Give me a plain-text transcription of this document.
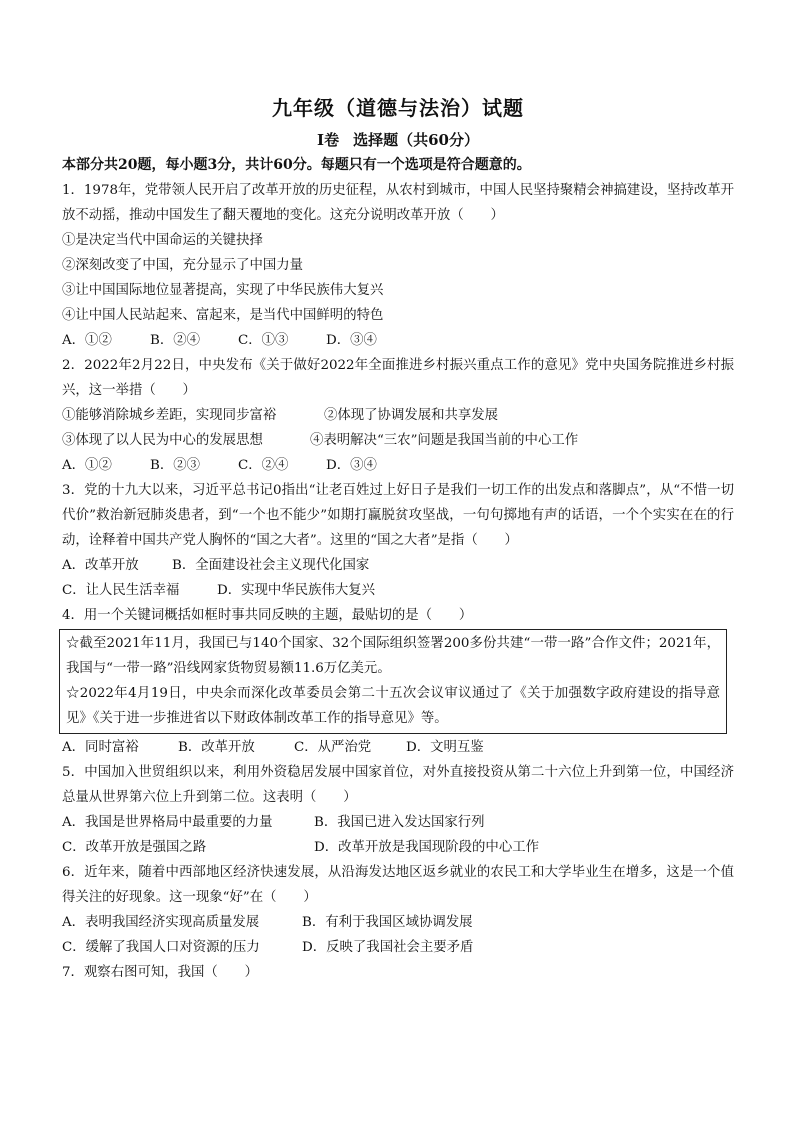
九年级（道德与法治）试题
Ⅰ卷 选择题（共60分）
本部分共20题，每小题3分，共计60分。每题只有一个选项是符合题意的。
1．1978年，党带领人民开启了改革开放的历史征程，从农村到城市，中国人民坚持聚精会神搞建设，坚持改革开放不动摇，推动中国发生了翻天覆地的变化。这充分说明改革开放（　　）
①是决定当代中国命运的关键抉择
②深刻改变了中国，充分显示了中国力量
③让中国国际地位显著提高，实现了中华民族伟大复兴
④让中国人民站起来、富起来，是当代中国鲜明的特色
A．①②	B．②④	C．①③	D．③④
2．2022年2月22日，中央发布《关于做好2022年全面推进乡村振兴重点工作的意见》党中央国务院推进乡村振兴，这一举措（　　）
①能够消除城乡差距，实现同步富裕	②体现了协调发展和共享发展
③体现了以人民为中心的发展思想	④表明解决“三农”问题是我国当前的中心工作
A．①②	B．②③	C．②④	D．③④
3．党的十九大以来，习近平总书记0指出“让老百姓过上好日子是我们一切工作的出发点和落脚点”，从“不惜一切代价”救治新冠肺炎患者，到“一个也不能少”如期打赢脱贫攻坚战，一句句掷地有声的话语，一个个实实在在的行动，诠释着中国共产党人胸怀的“国之大者”。这里的“国之大者”是指（　　）
A．改革开放 B．全面建设社会主义现代化国家
C．让人民生活幸福	D．实现中华民族伟大复兴
4．用一个关键词概括如框时事共同反映的主题，最贴切的是（　　）
☆截至2021年11月，我国已与140个国家、32个国际组织签署200多份共建“一带一路”合作文件；2021年，我国与“一带一路”沿线网家货物贸易额11.6万亿美元。
☆2022年4月19日，中央余而深化改革委员会第二十五次会议审议通过了《关于加强数字政府建设的指导意见》《关于进一步推进省以下财政体制改革工作的指导意见》等。
A．同时富裕	B．改革开放	C．从严治党	D．文明互鉴
5．中国加入世贸组织以来，利用外资稳居发展中国家首位，对外直接投资从第二十六位上升到第一位，中国经济总量从世界第六位上升到第二位。这表明（　　）
A．我国是世界格局中最重要的力量	B．我国已进入发达国家行列
C．改革开放是强国之路	D．改革开放是我国现阶段的中心工作
6．近年来，随着中西部地区经济快速发展，从沿海发达地区返乡就业的农民工和大学毕业生在增多，这是一个值得关注的好现象。这一现象“好”在（　　）
A．表明我国经济实现高质量发展	B．有利于我国区域协调发展
C．缓解了我国人口对资源的压力	D．反映了我国社会主要矛盾
7．观察右图可知，我国（　　）
